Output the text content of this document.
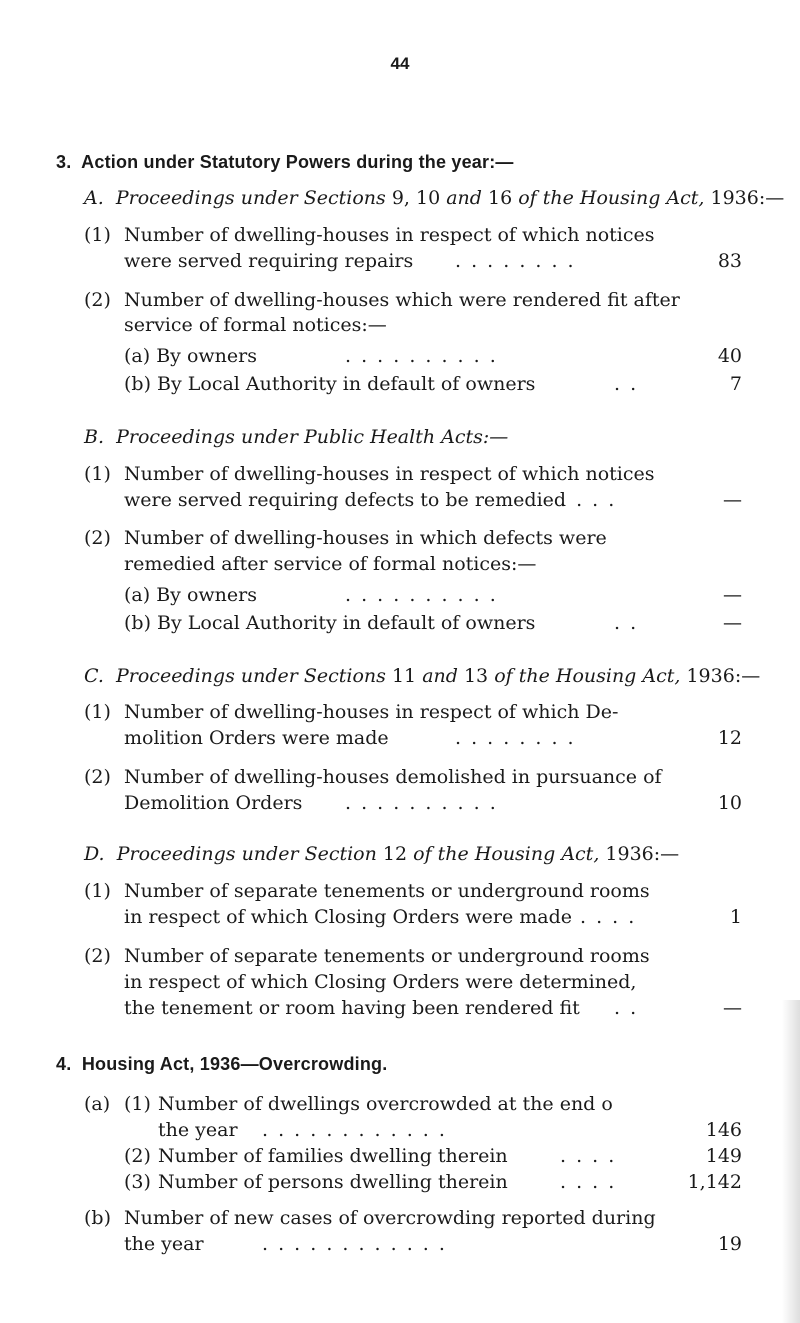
44
3. Action under Statutory Powers during the year:—
A. Proceedings under Sections 9, 10 and 16 of the Housing Act, 1936:—
(1) Number of dwelling-houses in respect of which notices
were served requiring repairs . . . . . . . .	83
(2) Number of dwelling-houses which were rendered fit after
service of formal notices:—
(a) By owners	. . . . . . . . . .	40
(b) By Local Authority in default of owners	. .	7
B. Proceedings under Public Health Acts:—
(1) Number of dwelling-houses in respect of which notices
were served requiring defects to be remedied
. . . .	—
(2) Number of dwelling-houses in which defects were
remedied after service of formal notices:—
(a) By owners	. . . . . . . . . .	—
(b) By Local Authority in default of owners	. .	—
C. Proceedings under Sections 11 and 13 of the Housing Act, 1936:—
(1) Number of dwelling-houses in respect of which De-
molition Orders were made	. . . . . . . .	12
(2) Number of dwelling-houses demolished in pursuance of
Demolition Orders . . . . . . . . . .	10
D. Proceedings under Section 12 of the Housing Act, 1936:—
(1) Number of separate tenements or underground rooms
in respect of which Closing Orders were made . . . .	1
(2) Number of separate tenements or underground rooms
in respect of which Closing Orders were determined,
the tenement or room having been rendered fit . .	—
4. Housing Act, 1936—Overcrowding.
(a) (1) Number of dwellings overcrowded at the end o
the year . . . . . . . . . . . .	146
(2) Number of families dwelling therein	. . . .	149
(3) Number of persons dwelling therein	. . . .	1,142
(b) Number of new cases of overcrowding reported during
the year	. . . . . . . . . . . .	19
